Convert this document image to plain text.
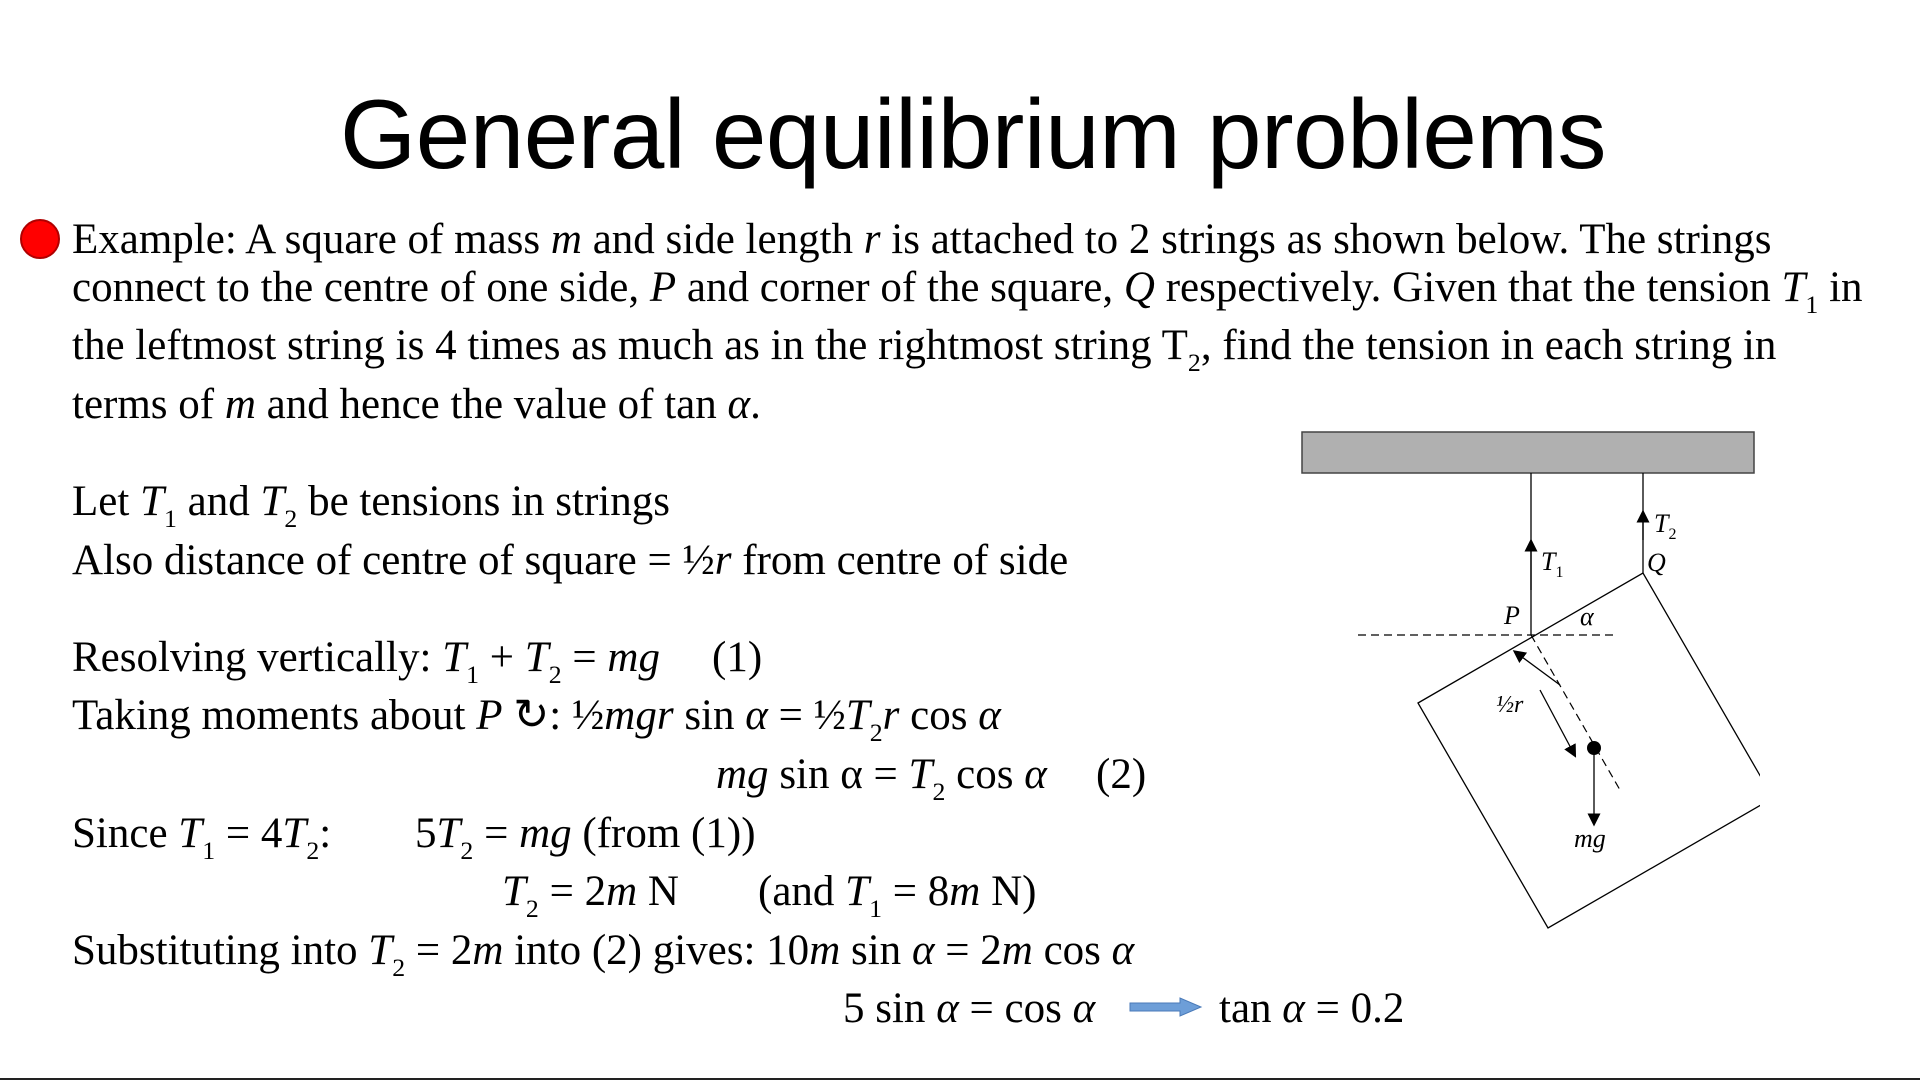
General equilibrium problems
Example: A square of mass m and side length r is attached to 2 strings as shown below. The strings
connect to the centre of one side, P and corner of the square, Q respectively. Given that the tension $T_1$ in
the leftmost string is 4 times as much as in the rightmost string $T_2$, find the tension in each string in
terms of m and hence the value of tan α.
Let $T_1$ and $T_2$ be tensions in strings
Also distance of centre of square = ½r from centre of side
Resolving vertically: $T_1 + T_2$ = mg (1)
Taking moments about P ↻: ½mgr $\sin \alpha = \frac{1}{2}T_2r$ cos α
mg $\sin \alpha = T_2$ cos α (2)
Since $T_1 = 4T_2$: $5T_2$ = mg (from (1))
$T_2 = 2m$ N (and $T_1 = 8m$ N)
Substituting into $T_2 = 2m$ into (2) gives: 10m sin α = 2m cos α
5 sin α = cos α	tan α = 0.2
$T_1$
$T_2$
Q
P α
½r
mg
